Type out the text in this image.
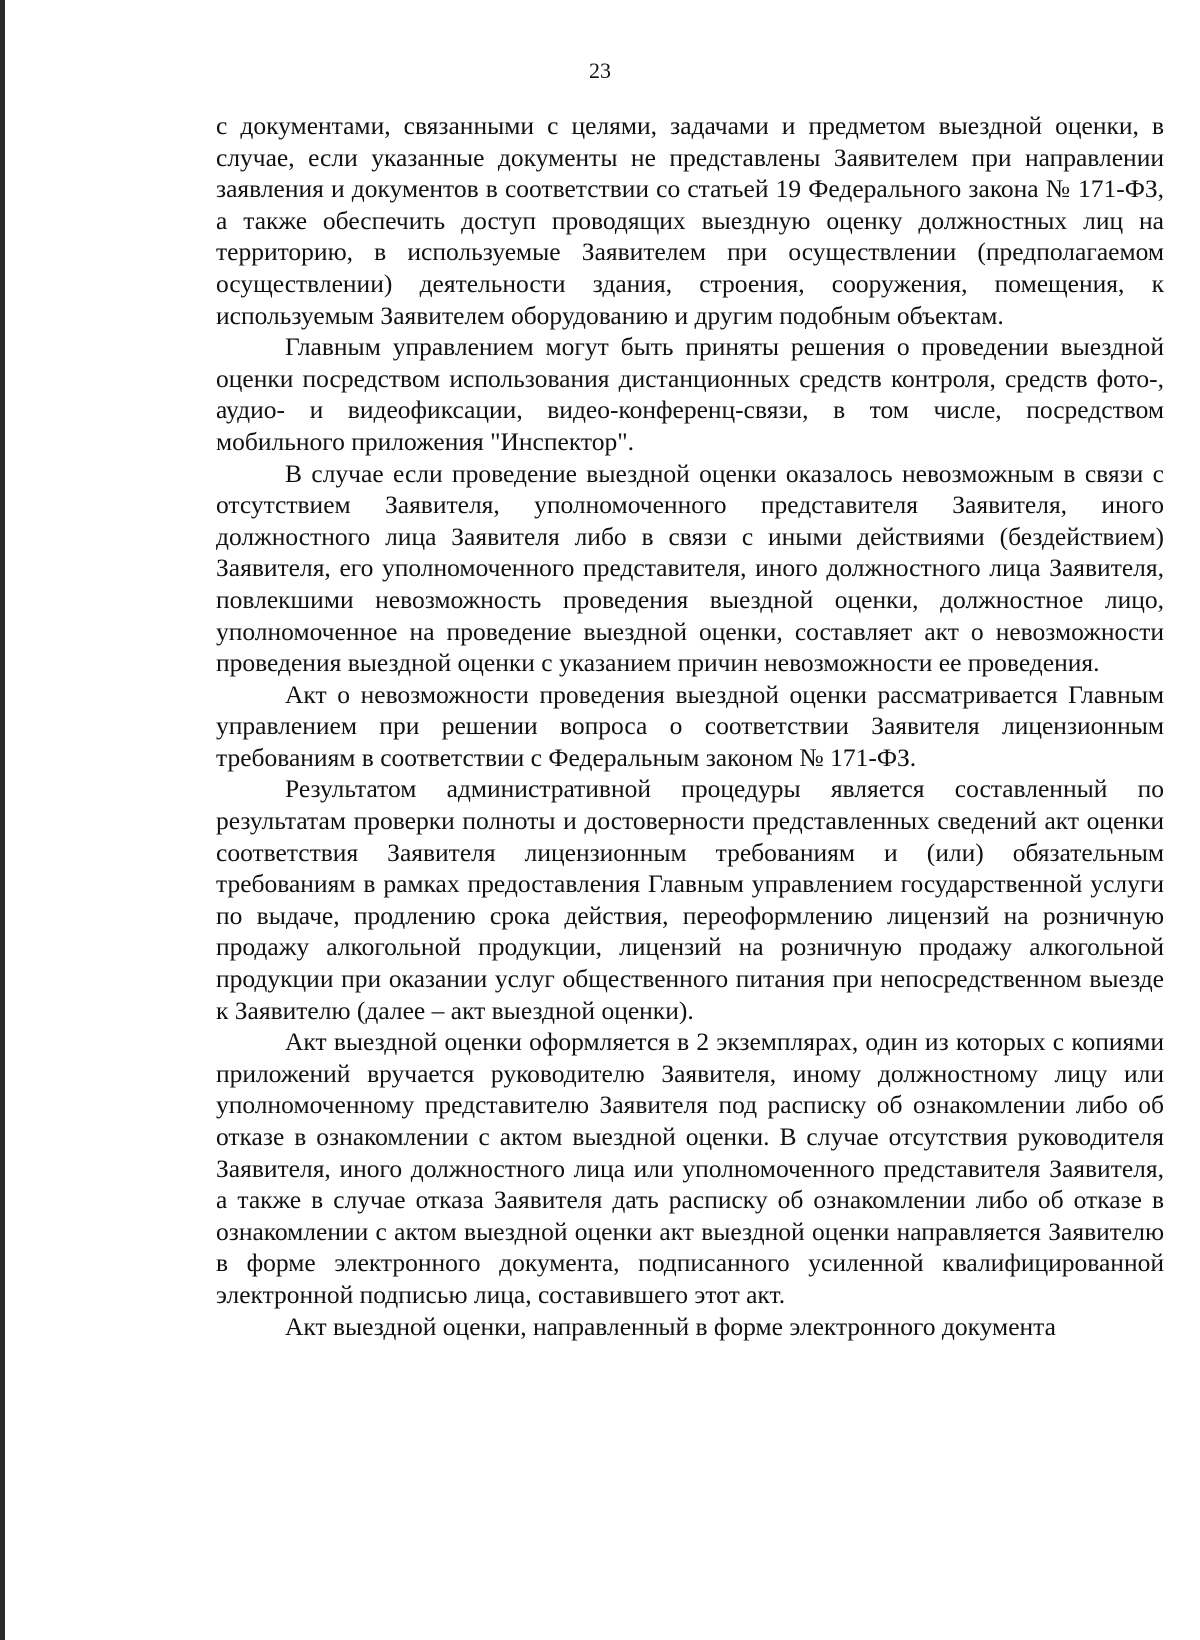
23

с документами, связанными с целями, задачами и предметом выездной оценки, в случае, если указанные документы не представлены Заявителем при направлении заявления и документов в соответствии со статьей 19 Федерального закона № 171-ФЗ, а также обеспечить доступ проводящих выездную оценку должностных лиц на территорию, в используемые Заявителем при осуществлении (предполагаемом осуществлении) деятельности здания, строения, сооружения, помещения, к используемым Заявителем оборудованию и другим подобным объектам.

Главным управлением могут быть приняты решения о проведении выездной оценки посредством использования дистанционных средств контроля, средств фото-, аудио- и видеофиксации, видео-конференц-связи, в том числе, посредством мобильного приложения "Инспектор".

В случае если проведение выездной оценки оказалось невозможным в связи с отсутствием Заявителя, уполномоченного представителя Заявителя, иного должностного лица Заявителя либо в связи с иными действиями (бездействием) Заявителя, его уполномоченного представителя, иного должностного лица Заявителя, повлекшими невозможность проведения выездной оценки, должностное лицо, уполномоченное на проведение выездной оценки, составляет акт о невозможности проведения выездной оценки с указанием причин невозможности ее проведения.

Акт о невозможности проведения выездной оценки рассматривается Главным управлением при решении вопроса о соответствии Заявителя лицензионным требованиям в соответствии с Федеральным законом № 171-ФЗ.

Результатом административной процедуры является составленный по результатам проверки полноты и достоверности представленных сведений акт оценки соответствия Заявителя лицензионным требованиям и (или) обязательным требованиям в рамках предоставления Главным управлением государственной услуги по выдаче, продлению срока действия, переоформлению лицензий на розничную продажу алкогольной продукции, лицензий на розничную продажу алкогольной продукции при оказании услуг общественного питания при непосредственном выезде к Заявителю (далее – акт выездной оценки).

Акт выездной оценки оформляется в 2 экземплярах, один из которых с копиями приложений вручается руководителю Заявителя, иному должностному лицу или уполномоченному представителю Заявителя под расписку об ознакомлении либо об отказе в ознакомлении с актом выездной оценки. В случае отсутствия руководителя Заявителя, иного должностного лица или уполномоченного представителя Заявителя, а также в случае отказа Заявителя дать расписку об ознакомлении либо об отказе в ознакомлении с актом выездной оценки акт выездной оценки направляется Заявителю в форме электронного документа, подписанного усиленной квалифицированной электронной подписью лица, составившего этот акт.

Акт выездной оценки, направленный в форме электронного документа
